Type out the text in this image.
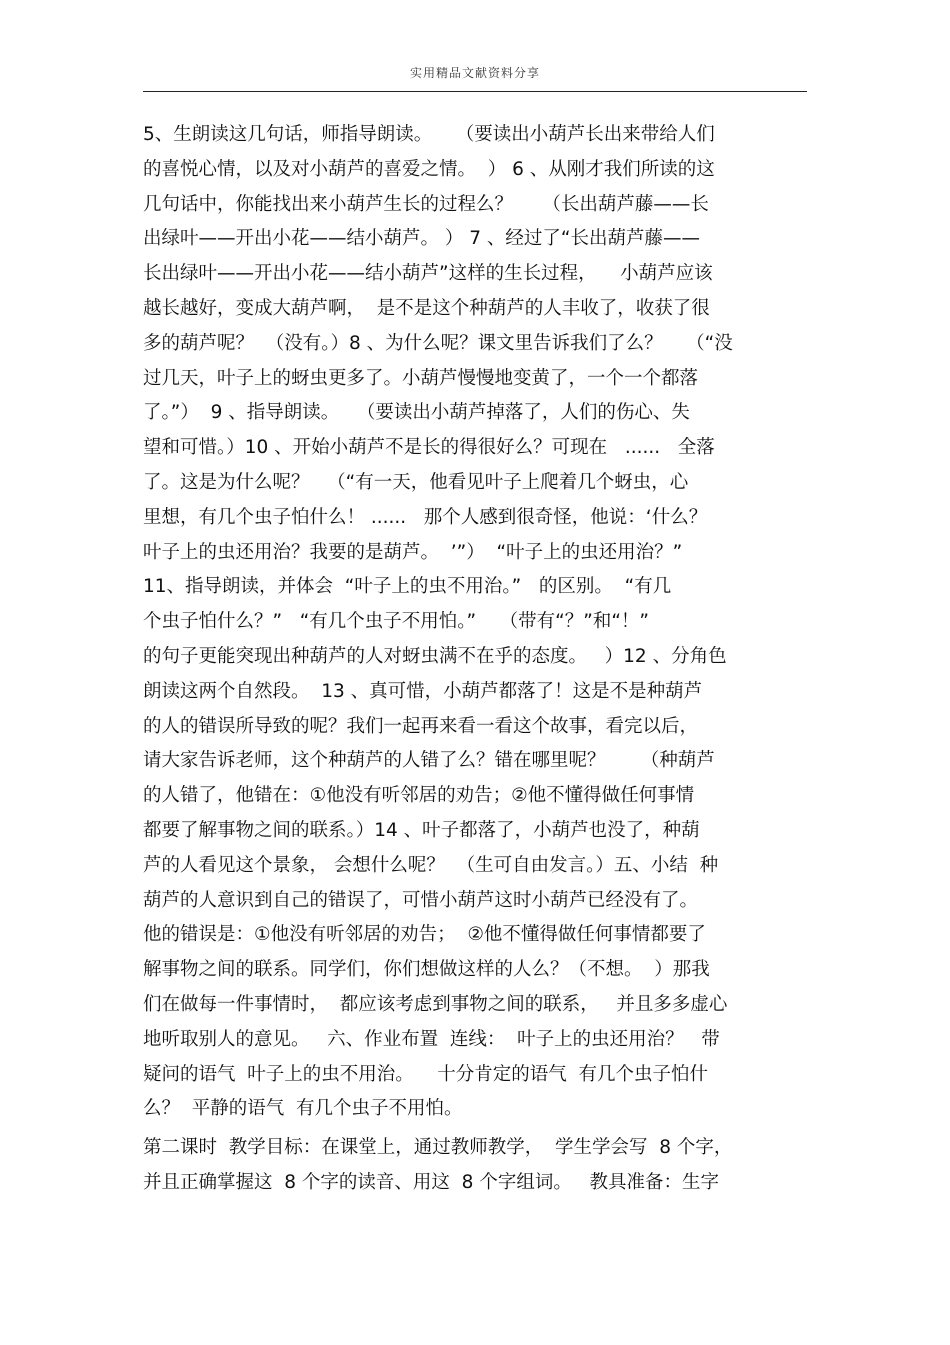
实用精品文献资料分享
5、生朗读这几句话，师指导朗读。    （要读出小葫芦长出来带给人们
的喜悦心情，以及对小葫芦的喜爱之情。  ） 6 、从刚才我们所读的这
几句话中，你能找出来小葫芦生长的过程么？     （长出葫芦藤——长
出绿叶——开出小花——结小葫芦。 ） 7 、经过了“长出葫芦藤——
长出绿叶——开出小花——结小葫芦”这样的生长过程，    小葫芦应该
越长越好，变成大葫芦啊，  是不是这个种葫芦的人丰收了，收获了很
多的葫芦呢？  （没有。）8 、为什么呢？课文里告诉我们了么？    （“没
过几天，叶子上的蚜虫更多了。小葫芦慢慢地变黄了，一个一个都落
了。”）  9 、指导朗读。   （要读出小葫芦掉落了，人们的伤心、失
望和可惜。）10 、开始小葫芦不是长的得很好么？可现在   ......   全落
了。这是为什么呢？   （“有一天，他看见叶子上爬着几个蚜虫，心
里想，有几个虫子怕什么！ ......   那个人感到很奇怪，他说：‘什么？
叶子上的虫还用治？我要的是葫芦。  ’”）  “叶子上的虫还用治？”
11、指导朗读，并体会  “叶子上的虫不用治。”   的区别。  “有几
个虫子怕什么？”   “有几个虫子不用怕。”    （带有“？”和“！”
的句子更能突现出种葫芦的人对蚜虫满不在乎的态度。   ）12 、分角色
朗读这两个自然段。  13 、真可惜，小葫芦都落了！这是不是种葫芦
的人的错误所导致的呢？我们一起再来看一看这个故事，看完以后，
请大家告诉老师，这个种葫芦的人错了么？错在哪里呢？      （种葫芦
的人错了，他错在：①他没有听邻居的劝告；②他不懂得做任何事情
都要了解事物之间的联系。）14 、叶子都落了，小葫芦也没了，种葫
芦的人看见这个景象， 会想什么呢？  （生可自由发言。）五、小结  种
葫芦的人意识到自己的错误了，可惜小葫芦这时小葫芦已经没有了。
他的错误是：①他没有听邻居的劝告；  ②他不懂得做任何事情都要了
解事物之间的联系。同学们，你们想做这样的人么？（不想。  ）那我
们在做每一件事情时，  都应该考虑到事物之间的联系，   并且多多虚心
地听取别人的意见。   六、作业布置  连线：  叶子上的虫还用治？   带
疑问的语气  叶子上的虫不用治。    十分肯定的语气  有几个虫子怕什
么？  平静的语气  有几个虫子不用怕。
第二课时  教学目标：在课堂上，通过教师教学，  学生学会写  8 个字，
并且正确掌握这  8 个字的读音、用这  8 个字组词。   教具准备：生字
